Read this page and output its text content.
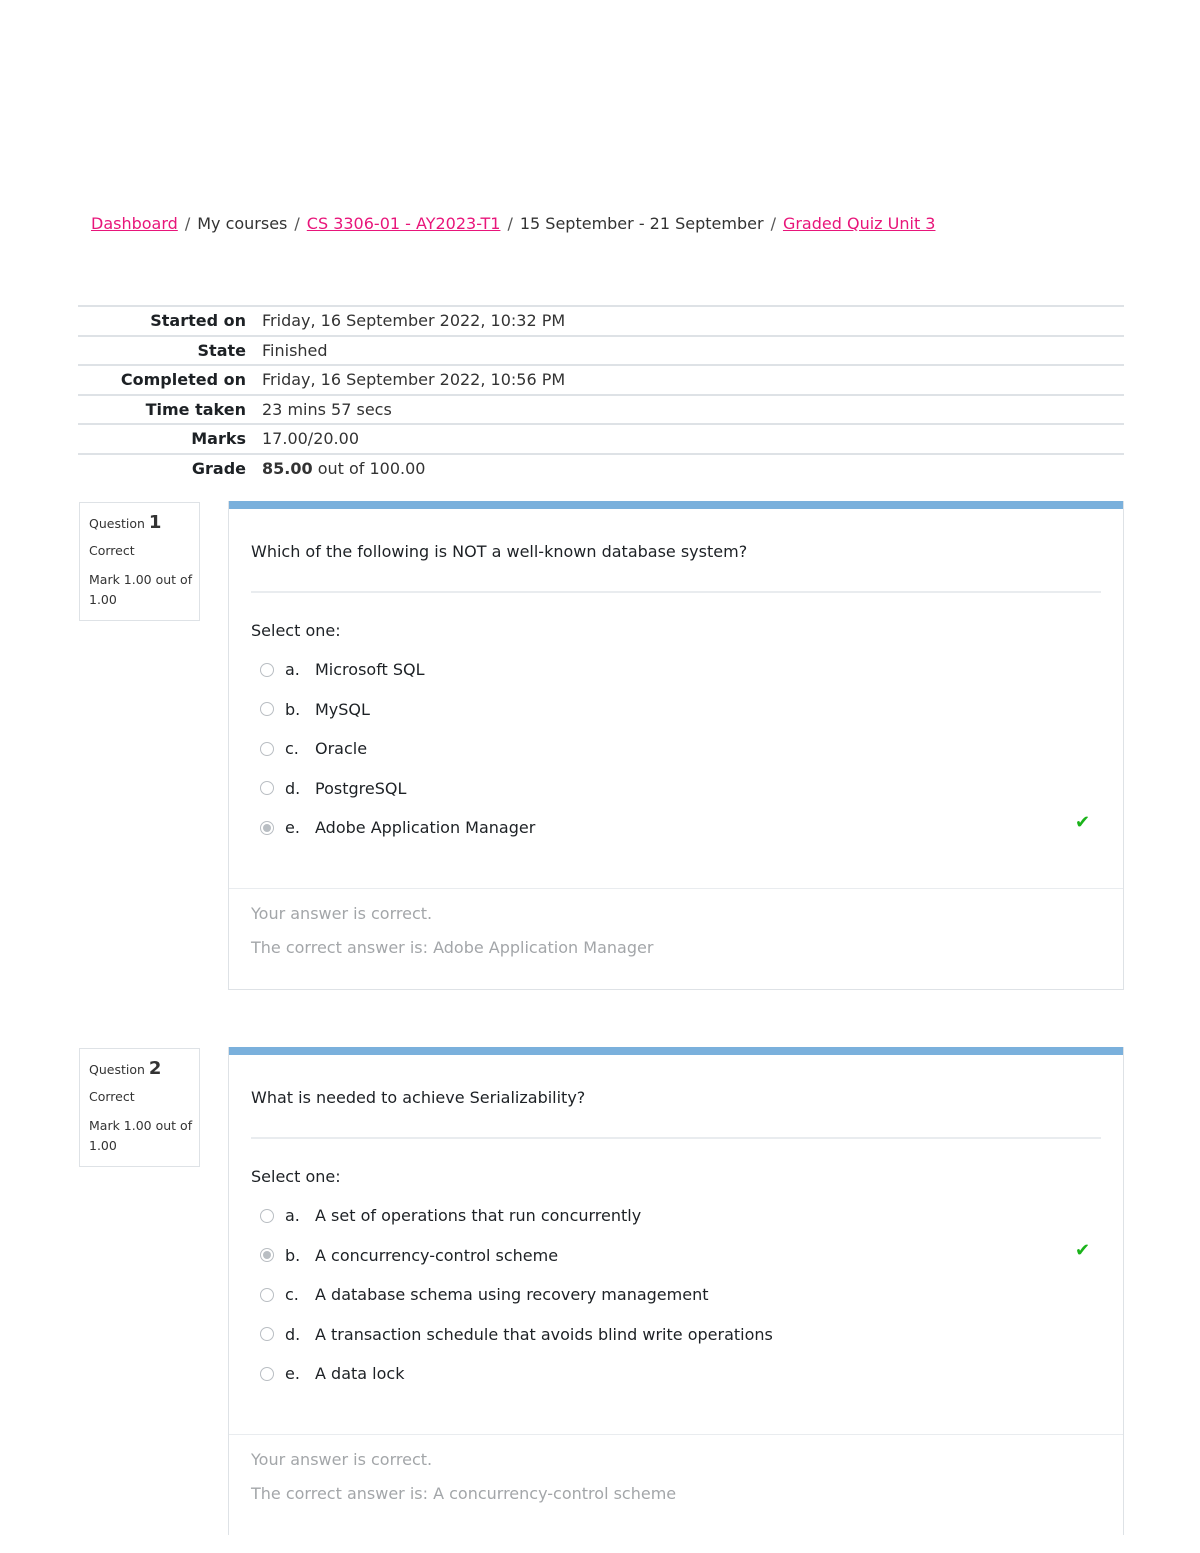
Dashboard / My courses / CS 3306-01 - AY2023-T1 / 15 September - 21 September / Graded Quiz Unit 3
Started on	Friday, 16 September 2022, 10:32 PM
State	Finished
Completed on	Friday, 16 September 2022, 10:56 PM
Time taken	23 mins 57 secs
Marks	17.00/20.00
Grade	85.00 out of 100.00
Question 1
Correct
Mark 1.00 out of 1.00
Which of the following is NOT a well-known database system?
Select one:
a. Microsoft SQL
b. MySQL
c. Oracle
d. PostgreSQL
e. Adobe Application Manager	✔
Your answer is correct.
The correct answer is: Adobe Application Manager
Question 2
Correct
Mark 1.00 out of 1.00
What is needed to achieve Serializability?
Select one:
a. A set of operations that run concurrently
b. A concurrency-control scheme	✔
c. A database schema using recovery management
d. A transaction schedule that avoids blind write operations
e. A data lock
Your answer is correct.
The correct answer is: A concurrency-control scheme
